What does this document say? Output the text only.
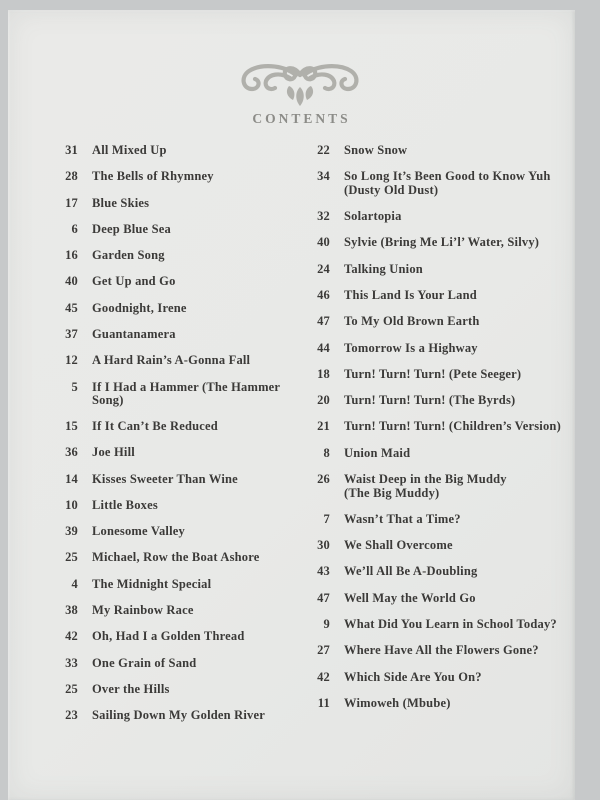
CONTENTS
31 All Mixed Up
28 The Bells of Rhymney
17 Blue Skies
6 Deep Blue Sea
16 Garden Song
40 Get Up and Go
45 Goodnight, Irene
37 Guantanamera
12 A Hard Rain’s A-Gonna Fall
5 If I Had a Hammer (The Hammer Song)
15 If It Can’t Be Reduced
36 Joe Hill
14 Kisses Sweeter Than Wine
10 Little Boxes
39 Lonesome Valley
25 Michael, Row the Boat Ashore
4 The Midnight Special
38 My Rainbow Race
42 Oh, Had I a Golden Thread
33 One Grain of Sand
25 Over the Hills
23 Sailing Down My Golden River
22 Snow Snow
34 So Long It’s Been Good to Know Yuh
(Dusty Old Dust)
32 Solartopia
40 Sylvie (Bring Me Li’l’ Water, Silvy)
24 Talking Union
46 This Land Is Your Land
47 To My Old Brown Earth
44 Tomorrow Is a Highway
18 Turn! Turn! Turn! (Pete Seeger)
20 Turn! Turn! Turn! (The Byrds)
21 Turn! Turn! Turn! (Children’s Version)
8 Union Maid
26 Waist Deep in the Big Muddy
(The Big Muddy)
7 Wasn’t That a Time?
30 We Shall Overcome
43 We’ll All Be A-Doubling
47 Well May the World Go
9 What Did You Learn in School Today?
27 Where Have All the Flowers Gone?
42 Which Side Are You On?
11 Wimoweh (Mbube)
